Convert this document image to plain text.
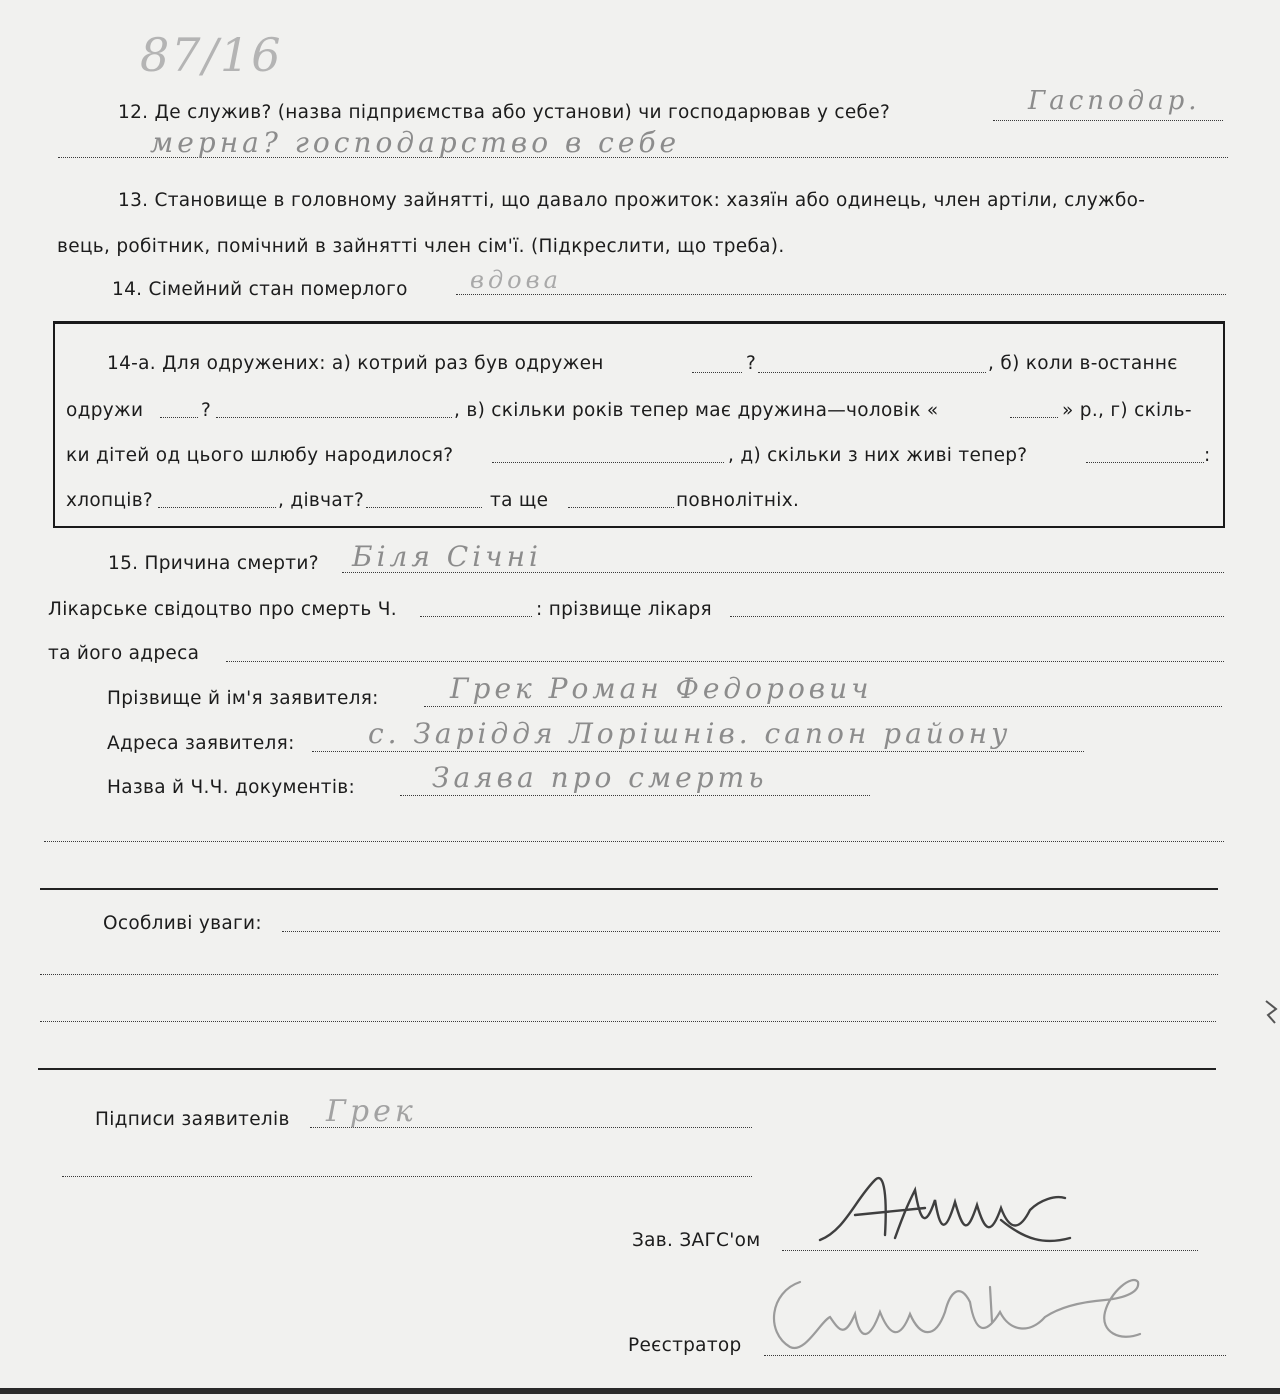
87/16
12. Де служив? (назва підприємства або установи) чи господарював у себе?	Гасподар.
мерна? господарство в себе
13. Становище в головному зайнятті, що давало прожиток: хазяїн або одинець, член артіли, службо-
вець, робітник, помічний в зайнятті член сім'ї. (Підкреслити, що треба).
14. Сімейний стан померлого	вдова
14-а. Для одружених: а) котрий раз був одружен	?	, б) коли в-останнє
одружи	?	, в) скільки років тепер має дружина—чоловік «	» р., г) скіль-
ки дітей од цього шлюбу народилося?	, д) скільки з них живі тепер?	:
хлопців?	, дівчат?	та ще	повнолітніх.
15. Причина смерти? Біля Січні
Лікарське свідоцтво про смерть Ч.	: прізвище лікаря
та його адреса
Прізвище й ім'я заявителя:	Грек Роман Федорович
Адреса заявителя:	с. Заріддя Лорішнів. сапон району
Назва й Ч.Ч. документів:	Заява про смерть
Особливі уваги:
Підписи заявителів Грек
Зав. ЗАГС'ом
Реєстратор
